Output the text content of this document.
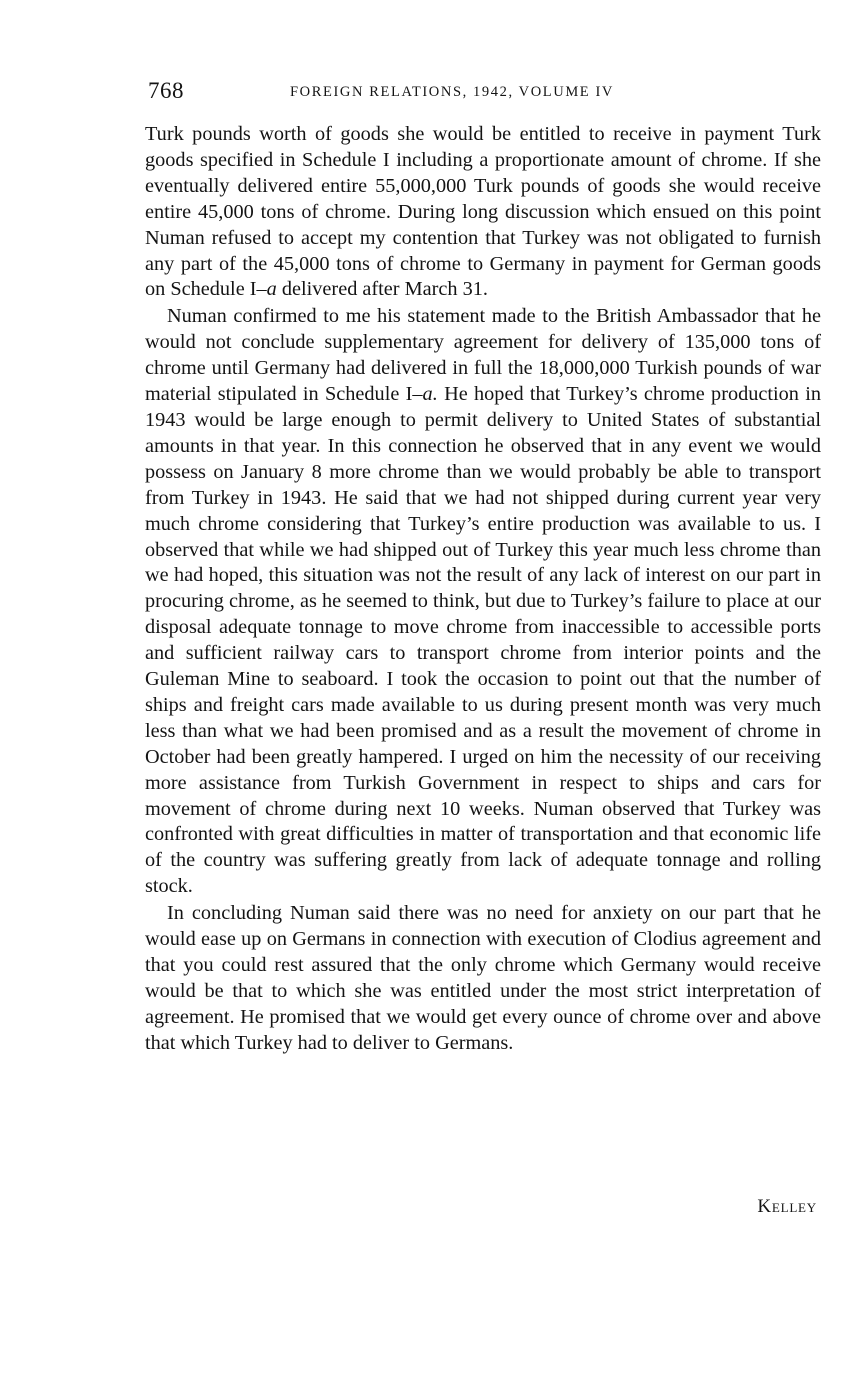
768	FOREIGN RELATIONS, 1942, VOLUME IV

Turk pounds worth of goods she would be entitled to receive in payment Turk goods specified in Schedule I including a proportionate amount of chrome. If she eventually delivered entire 55,000,000 Turk pounds of goods she would receive entire 45,000 tons of chrome. During long discussion which ensued on this point Numan refused to accept my contention that Turkey was not obligated to furnish any part of the 45,000 tons of chrome to Germany in payment for German goods on Schedule I–a delivered after March 31.

Numan confirmed to me his statement made to the British Ambassador that he would not conclude supplementary agreement for delivery of 135,000 tons of chrome until Germany had delivered in full the 18,000,000 Turkish pounds of war material stipulated in Schedule I–a. He hoped that Turkey’s chrome production in 1943 would be large enough to permit delivery to United States of substantial amounts in that year. In this connection he observed that in any event we would possess on January 8 more chrome than we would probably be able to transport from Turkey in 1943. He said that we had not shipped during current year very much chrome considering that Turkey’s entire production was available to us. I observed that while we had shipped out of Turkey this year much less chrome than we had hoped, this situation was not the result of any lack of interest on our part in procuring chrome, as he seemed to think, but due to Turkey’s failure to place at our disposal adequate tonnage to move chrome from inaccessible to accessible ports and sufficient railway cars to transport chrome from interior points and the Guleman Mine to seaboard. I took the occasion to point out that the number of ships and freight cars made available to us during present month was very much less than what we had been promised and as a result the movement of chrome in October had been greatly hampered. I urged on him the necessity of our receiving more assistance from Turkish Government in respect to ships and cars for movement of chrome during next 10 weeks. Numan observed that Turkey was confronted with great difficulties in matter of transportation and that economic life of the country was suffering greatly from lack of adequate tonnage and rolling stock.

In concluding Numan said there was no need for anxiety on our part that he would ease up on Germans in connection with execution of Clodius agreement and that you could rest assured that the only chrome which Germany would receive would be that to which she was entitled under the most strict interpretation of agreement. He promised that we would get every ounce of chrome over and above that which Turkey had to deliver to Germans.

Kelley
